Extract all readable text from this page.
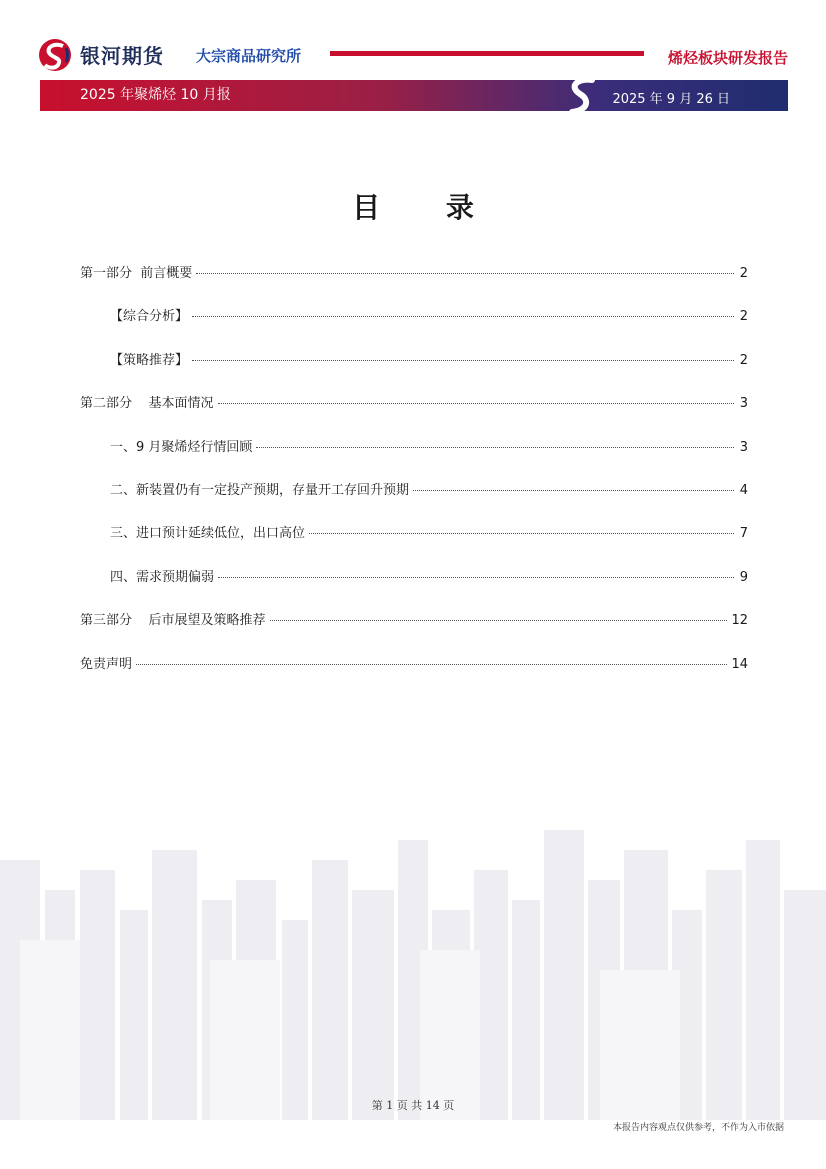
银河期货 大宗商品研究所	烯烃板块研发报告
2025 年聚烯烃 10 月报	2025 年 9 月 26 日
目 录
第一部分  前言概要	2
【综合分析】	2
【策略推荐】	2
第二部分    基本面情况	3
一、9 月聚烯烃行情回顾	3
二、新装置仍有一定投产预期，存量开工存回升预期	4
三、进口预计延续低位，出口高位	7
四、需求预期偏弱	9
第三部分    后市展望及策略推荐	12
免责声明	14
第 1 页 共 14 页
本报告内容观点仅供参考，不作为入市依据
